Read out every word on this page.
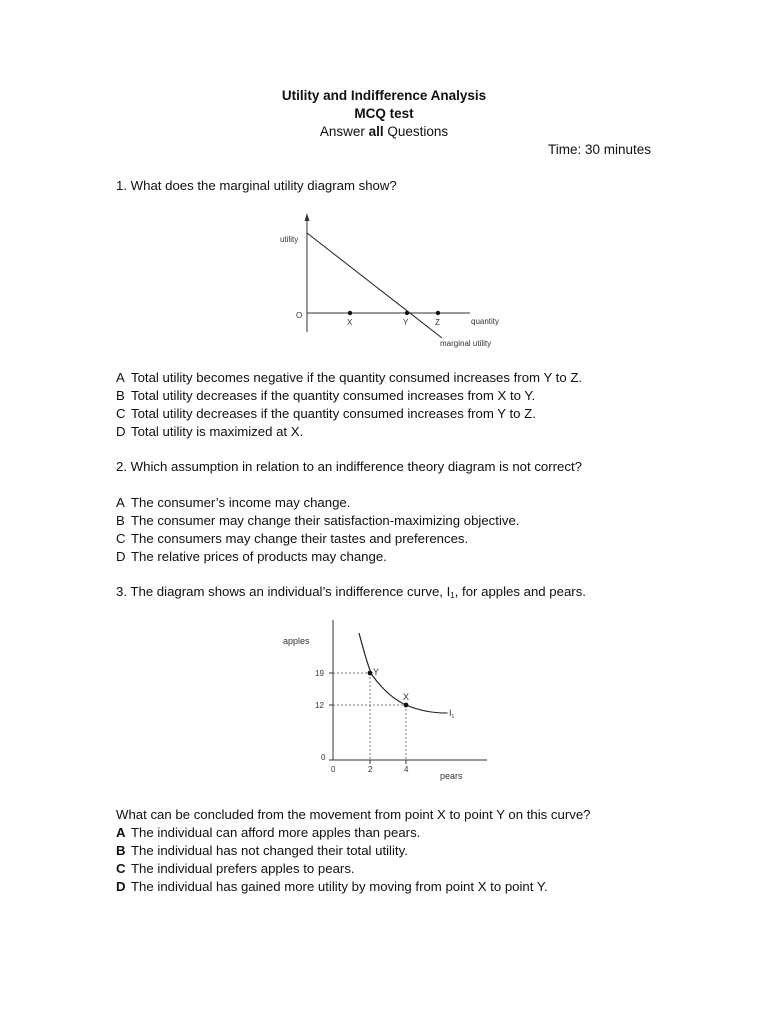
Utility and Indifference Analysis
MCQ test
Answer all Questions
Time: 30 minutes
1. What does the marginal utility diagram show?
utility
O
quantity
X	Y	Z
marginal utility
A Total utility becomes negative if the quantity consumed increases from Y to Z.
B Total utility decreases if the quantity consumed increases from X to Y.
C Total utility decreases if the quantity consumed increases from Y to Z.
D Total utility is maximized at X.
2. Which assumption in relation to an indifference theory diagram is not correct?
A The consumer’s income may change.
B The consumer may change their satisfaction-maximizing objective.
C The consumers may change their tastes and preferences.
D The relative prices of products may change.
3. The diagram shows an individual’s indifference curve, $I_1$, for apples and pears.
apples
pears
19
12
0
0	2	4
Y
X
$I_1$
What can be concluded from the movement from point X to point Y on this curve?
A The individual can afford more apples than pears.
B The individual has not changed their total utility.
C The individual prefers apples to pears.
D The individual has gained more utility by moving from point X to point Y.
